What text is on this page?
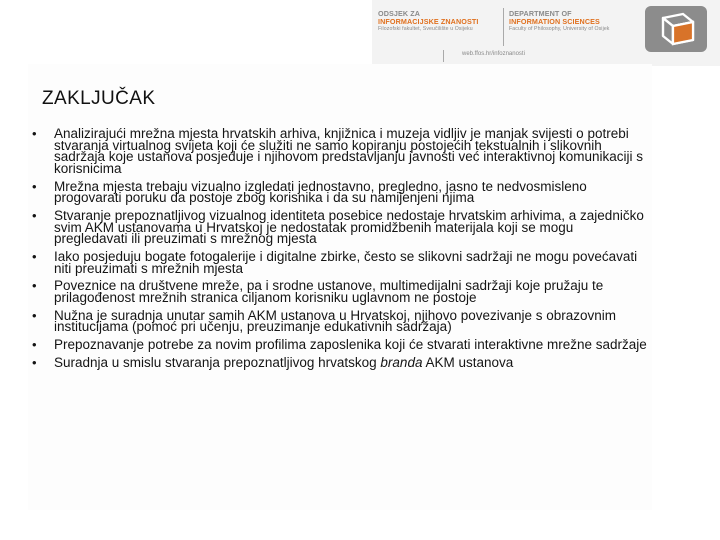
ODSJEK ZA
INFORMACIJSKE ZNANOSTI
Filozofski fakultet, Sveučilište u Osijeku
DEPARTMENT OF
INFORMATION SCIENCES
Faculty of Philosophy, University of Osijek
web.ffos.hr/infoznanosti
ZAKLJUČAK
• Analizirajući mrežna mjesta hrvatskih arhiva, knjižnica i muzeja vidljiv je manjak svijesti o potrebi stvaranja virtualnog svijeta koji će služiti ne samo kopiranju postojećih tekstualnih i slikovnih sadržaja koje ustanova posjeduje i njihovom predstavljanju javnosti već interaktivnoj komunikaciji s korisnicima
• Mrežna mjesta trebaju vizualno izgledati jednostavno, pregledno, jasno te nedvosmisleno progovarati poruku da postoje zbog korisnika i da su namijenjeni njima
• Stvaranje prepoznatljivog vizualnog identiteta posebice nedostaje hrvatskim arhivima, a zajedničko svim AKM ustanovama u Hrvatskoj je nedostatak promidžbenih materijala koji se mogu pregledavati ili preuzimati s mrežnog mjesta
• Iako posjeduju bogate fotogalerije i digitalne zbirke, često se slikovni sadržaji ne mogu povećavati niti preuzimati s mrežnih mjesta
• Poveznice na društvene mreže, pa i srodne ustanove, multimedijalni sadržaji koje pružaju te prilagođenost mrežnih stranica ciljanom korisniku uglavnom ne postoje
• Nužna je suradnja unutar samih AKM ustanova u Hrvatskoj, njihovo povezivanje s obrazovnim institucijama (pomoć pri učenju, preuzimanje edukativnih sadržaja)
• Prepoznavanje potrebe za novim profilima zaposlenika koji će stvarati interaktivne mrežne sadržaje
• Suradnja u smislu stvaranja prepoznatljivog hrvatskog branda AKM ustanova
